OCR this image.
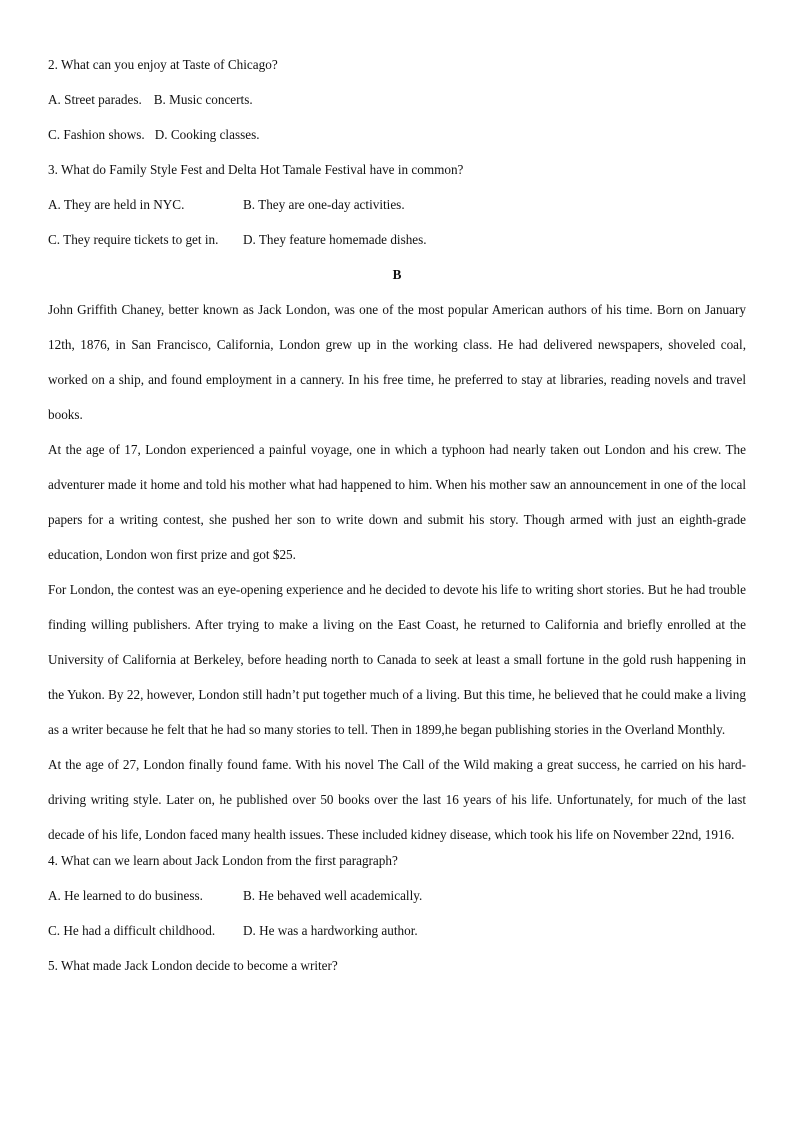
2. What can you enjoy at Taste of Chicago?
A. Street parades. B. Music concerts.
C. Fashion shows. D. Cooking classes.
3. What do Family Style Fest and Delta Hot Tamale Festival have in common?
A. They are held in NYC.	B. They are one-day activities.
C. They require tickets to get in. D. They feature homemade dishes.
B

John Griffith Chaney, better known as Jack London, was one of the most popular American authors of his time. Born on January 12th, 1876, in San Francisco, California, London grew up in the working class. He had delivered newspapers, shoveled coal, worked on a ship, and found employment in a cannery. In his free time, he preferred to stay at libraries, reading novels and travel books.

At the age of 17, London experienced a painful voyage, one in which a typhoon had nearly taken out London and his crew. The adventurer made it home and told his mother what had happened to him. When his mother saw an announcement in one of the local papers for a writing contest, she pushed her son to write down and submit his story. Though armed with just an eighth-grade education, London won first prize and got $25.

For London, the contest was an eye-opening experience and he decided to devote his life to writing short stories. But he had trouble finding willing publishers. After trying to make a living on the East Coast, he returned to California and briefly enrolled at the University of California at Berkeley, before heading north to Canada to seek at least a small fortune in the gold rush happening in the Yukon. By 22, however, London still hadn’t put together much of a living. But this time, he believed that he could make a living as a writer because he felt that he had so many stories to tell. Then in 1899,he began publishing stories in the Overland Monthly.

At the age of 27, London finally found fame. With his novel The Call of the Wild making a great success, he carried on his hard-driving writing style. Later on, he published over 50 books over the last 16 years of his life. Unfortunately, for much of the last decade of his life, London faced many health issues. These included kidney disease, which took his life on November 22nd, 1916.

4. What can we learn about Jack London from the first paragraph?
A. He learned to do business.	B. He behaved well academically.
C. He had a difficult childhood. D. He was a hardworking author.
5. What made Jack London decide to become a writer?
